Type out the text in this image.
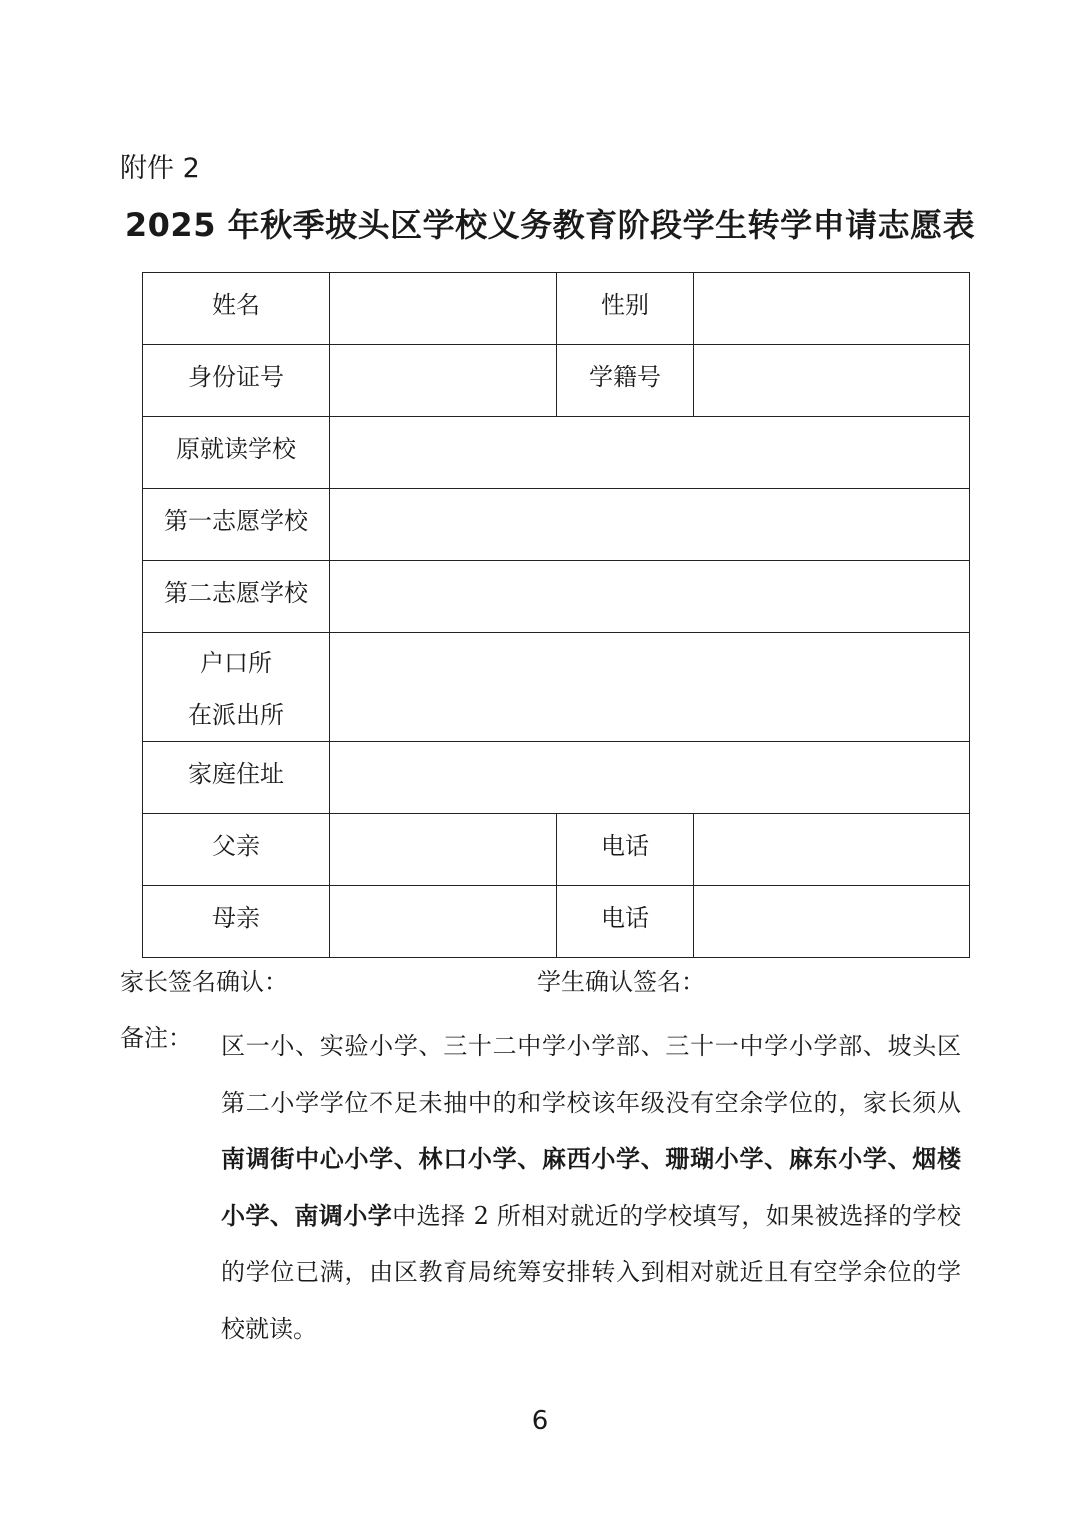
附件 2
2025 年秋季坡头区学校义务教育阶段学生转学申请志愿表
姓名		性别	
身份证号		学籍号	
原就读学校			
第一志愿学校			
第二志愿学校			

户口所
在派出所			

家庭住址			
父亲		电话	
母亲		电话	
家长签名确认：	学生确认签名：
备注： 区一小、实验小学、三十二中学小学部、三十一中学小学部、坡头区第二小学学位不足未抽中的和学校该年级没有空余学位的，家长须从南调街中心小学、林口小学、麻西小学、珊瑚小学、麻东小学、烟楼小学、南调小学中选择 2 所相对就近的学校填写，如果被选择的学校的学位已满，由区教育局统筹安排转入到相对就近且有空学余位的学校就读。
6
